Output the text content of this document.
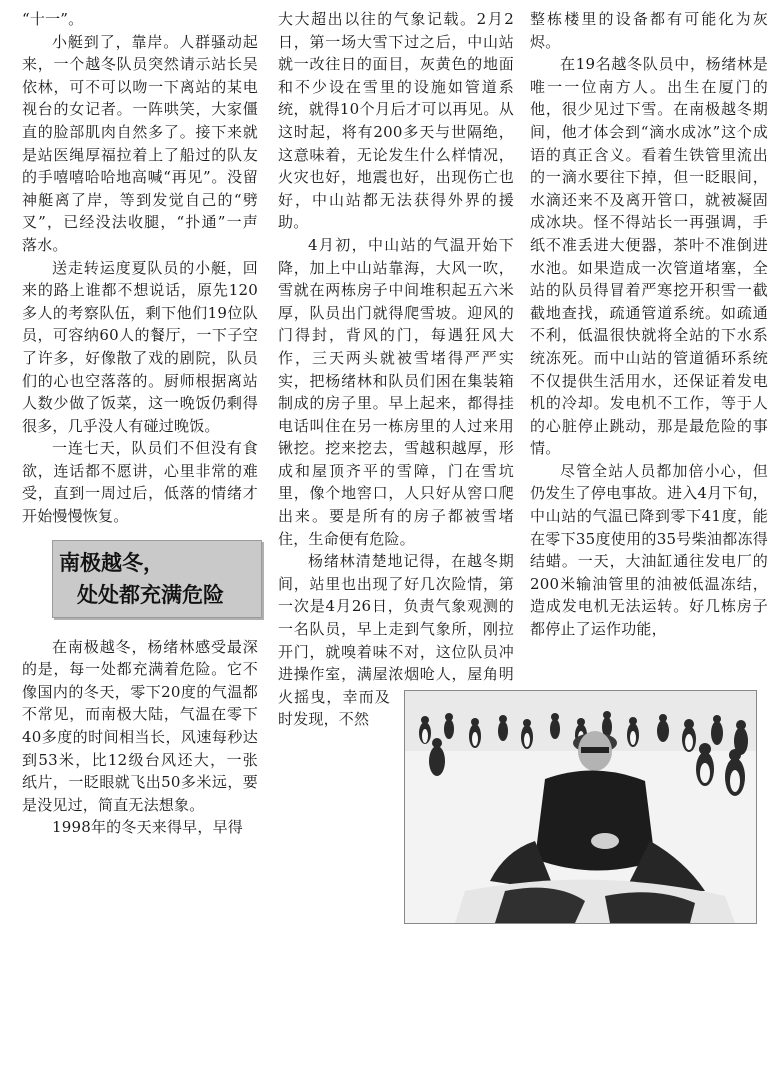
“十一”。

小艇到了，靠岸。人群骚动起来，一个越冬队员突然请示站长吴依林，可不可以吻一下离站的某电视台的女记者。一阵哄笑，大家僵直的脸部肌肉自然多了。接下来就是站医绳厚福拉着上了船过的队友的手嘻嘻哈哈地高喊“再见”。没留神艇离了岸，等到发觉自己的“劈叉”，已经没法收腿，“扑通”一声落水。

送走转运度夏队员的小艇，回来的路上谁都不想说话，原先120多人的考察队伍，剩下他们19位队员，可容纳60人的餐厅，一下子空了许多，好像散了戏的剧院，队员们的心也空落落的。厨师根据离站人数少做了饭菜，这一晚饭仍剩得很多，几乎没人有碰过晚饭。

一连七天，队员们不但没有食欲，连话都不愿讲，心里非常的难受，直到一周过后，低落的情绪才开始慢慢恢复。

南极越冬，
处处都充满危险

在南极越冬，杨绪林感受最深的是，每一处都充满着危险。它不像国内的冬天，零下20度的气温都不常见，而南极大陆，气温在零下40多度的时间相当长，风速每秒达到53米，比12级台风还大，一张纸片，一眨眼就飞出50多米远，要是没见过，简直无法想象。

1998年的冬天来得早，早得

大大超出以往的气象记载。2月2日，第一场大雪下过之后，中山站就一改往日的面目，灰黄色的地面和不少设在雪里的设施如管道系统，就得10个月后才可以再见。从这时起，将有200多天与世隔绝，这意味着，无论发生什么样情况，火灾也好，地震也好，出现伤亡也好，中山站都无法获得外界的援助。

4月初，中山站的气温开始下降，加上中山站靠海，大风一吹，雪就在两栋房子中间堆积起五六米厚，队员出门就得爬雪坡。迎风的门得封，背风的门，每遇狂风大作，三天两头就被雪堵得严严实实，把杨绪林和队员们困在集装箱制成的房子里。早上起来，都得挂电话叫住在另一栋房里的人过来用锹挖。挖来挖去，雪越积越厚，形成和屋顶齐平的雪障，门在雪坑里，像个地窖口，人只好从窖口爬出来。要是所有的房子都被雪堵住，生命便有危险。

杨绪林清楚地记得，在越冬期间，站里也出现了好几次险情，第一次是4月26日，负责气象观测的一名队员，早上走到气象所，刚拉开门，就嗅着味不对，这位队员冲进操作室，满屋浓烟呛人，屋角明火摇曳，幸而及时发现，不然

整栋楼里的设备都有可能化为灰烬。

在19名越冬队员中，杨绪林是唯一一位南方人。出生在厦门的他，很少见过下雪。在南极越冬期间，他才体会到“滴水成冰”这个成语的真正含义。看着生铁管里流出的一滴水要往下掉，但一眨眼间，水滴还来不及离开管口，就被凝固成冰块。怪不得站长一再强调，手纸不准丢进大便器，茶叶不准倒进水池。如果造成一次管道堵塞，全站的队员得冒着严寒挖开积雪一截截地查找，疏通管道系统。如疏通不利，低温很快就将全站的下水系统冻死。而中山站的管道循环系统不仅提供生活用水，还保证着发电机的冷却。发电机不工作，等于人的心脏停止跳动，那是最危险的事情。

尽管全站人员都加倍小心，但仍发生了停电事故。进入4月下旬，中山站的气温已降到零下41度，能在零下35度使用的35号柴油都冻得结蜡。一天，大油缸通往发电厂的200米输油管里的油被低温冻结，造成发电机无法运转。好几栋房子都停止了运作功能，
